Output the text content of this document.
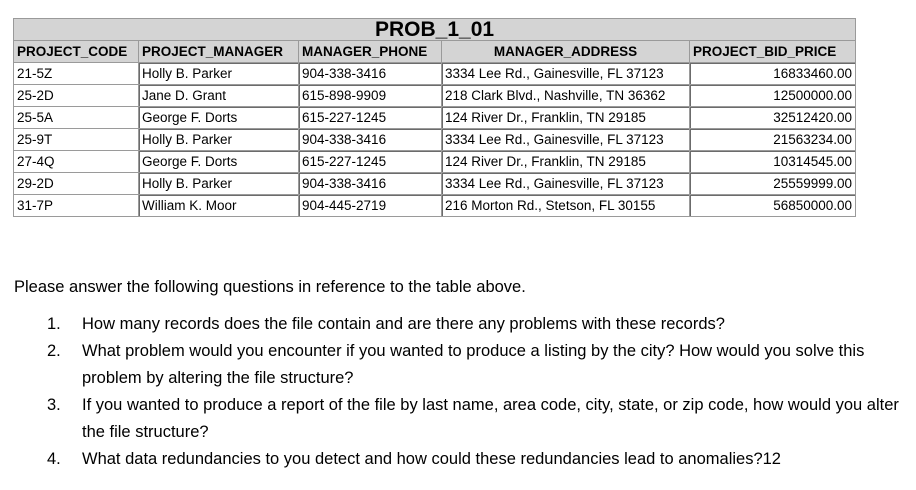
PROB_1_01				
PROJECT_CODE	PROJECT_MANAGER	MANAGER_PHONE	MANAGER_ADDRESS	PROJECT_BID_PRICE
21-5Z	Holly B. Parker	904-338-3416	3334 Lee Rd., Gainesville, FL 37123	16833460.00
25-2D	Jane D. Grant	615-898-9909	218 Clark Blvd., Nashville, TN 36362	12500000.00
25-5A	George F. Dorts	615-227-1245	124 River Dr., Franklin, TN 29185	32512420.00
25-9T	Holly B. Parker	904-338-3416	3334 Lee Rd., Gainesville, FL 37123	21563234.00
27-4Q	George F. Dorts	615-227-1245	124 River Dr., Franklin, TN 29185	10314545.00
29-2D	Holly B. Parker	904-338-3416	3334 Lee Rd., Gainesville, FL 37123	25559999.00
31-7P	William K. Moor	904-445-2719	216 Morton Rd., Stetson, FL 30155	56850000.00

Please answer the following questions in reference to the table above.

1. How many records does the file contain and are there any problems with these records?
2. What problem would you encounter if you wanted to produce a listing by the city? How would you solve this problem by altering the file structure?
3. If you wanted to produce a report of the file by last name, area code, city, state, or zip code, how would you alter the file structure?
4. What data redundancies to you detect and how could these redundancies lead to anomalies?12
